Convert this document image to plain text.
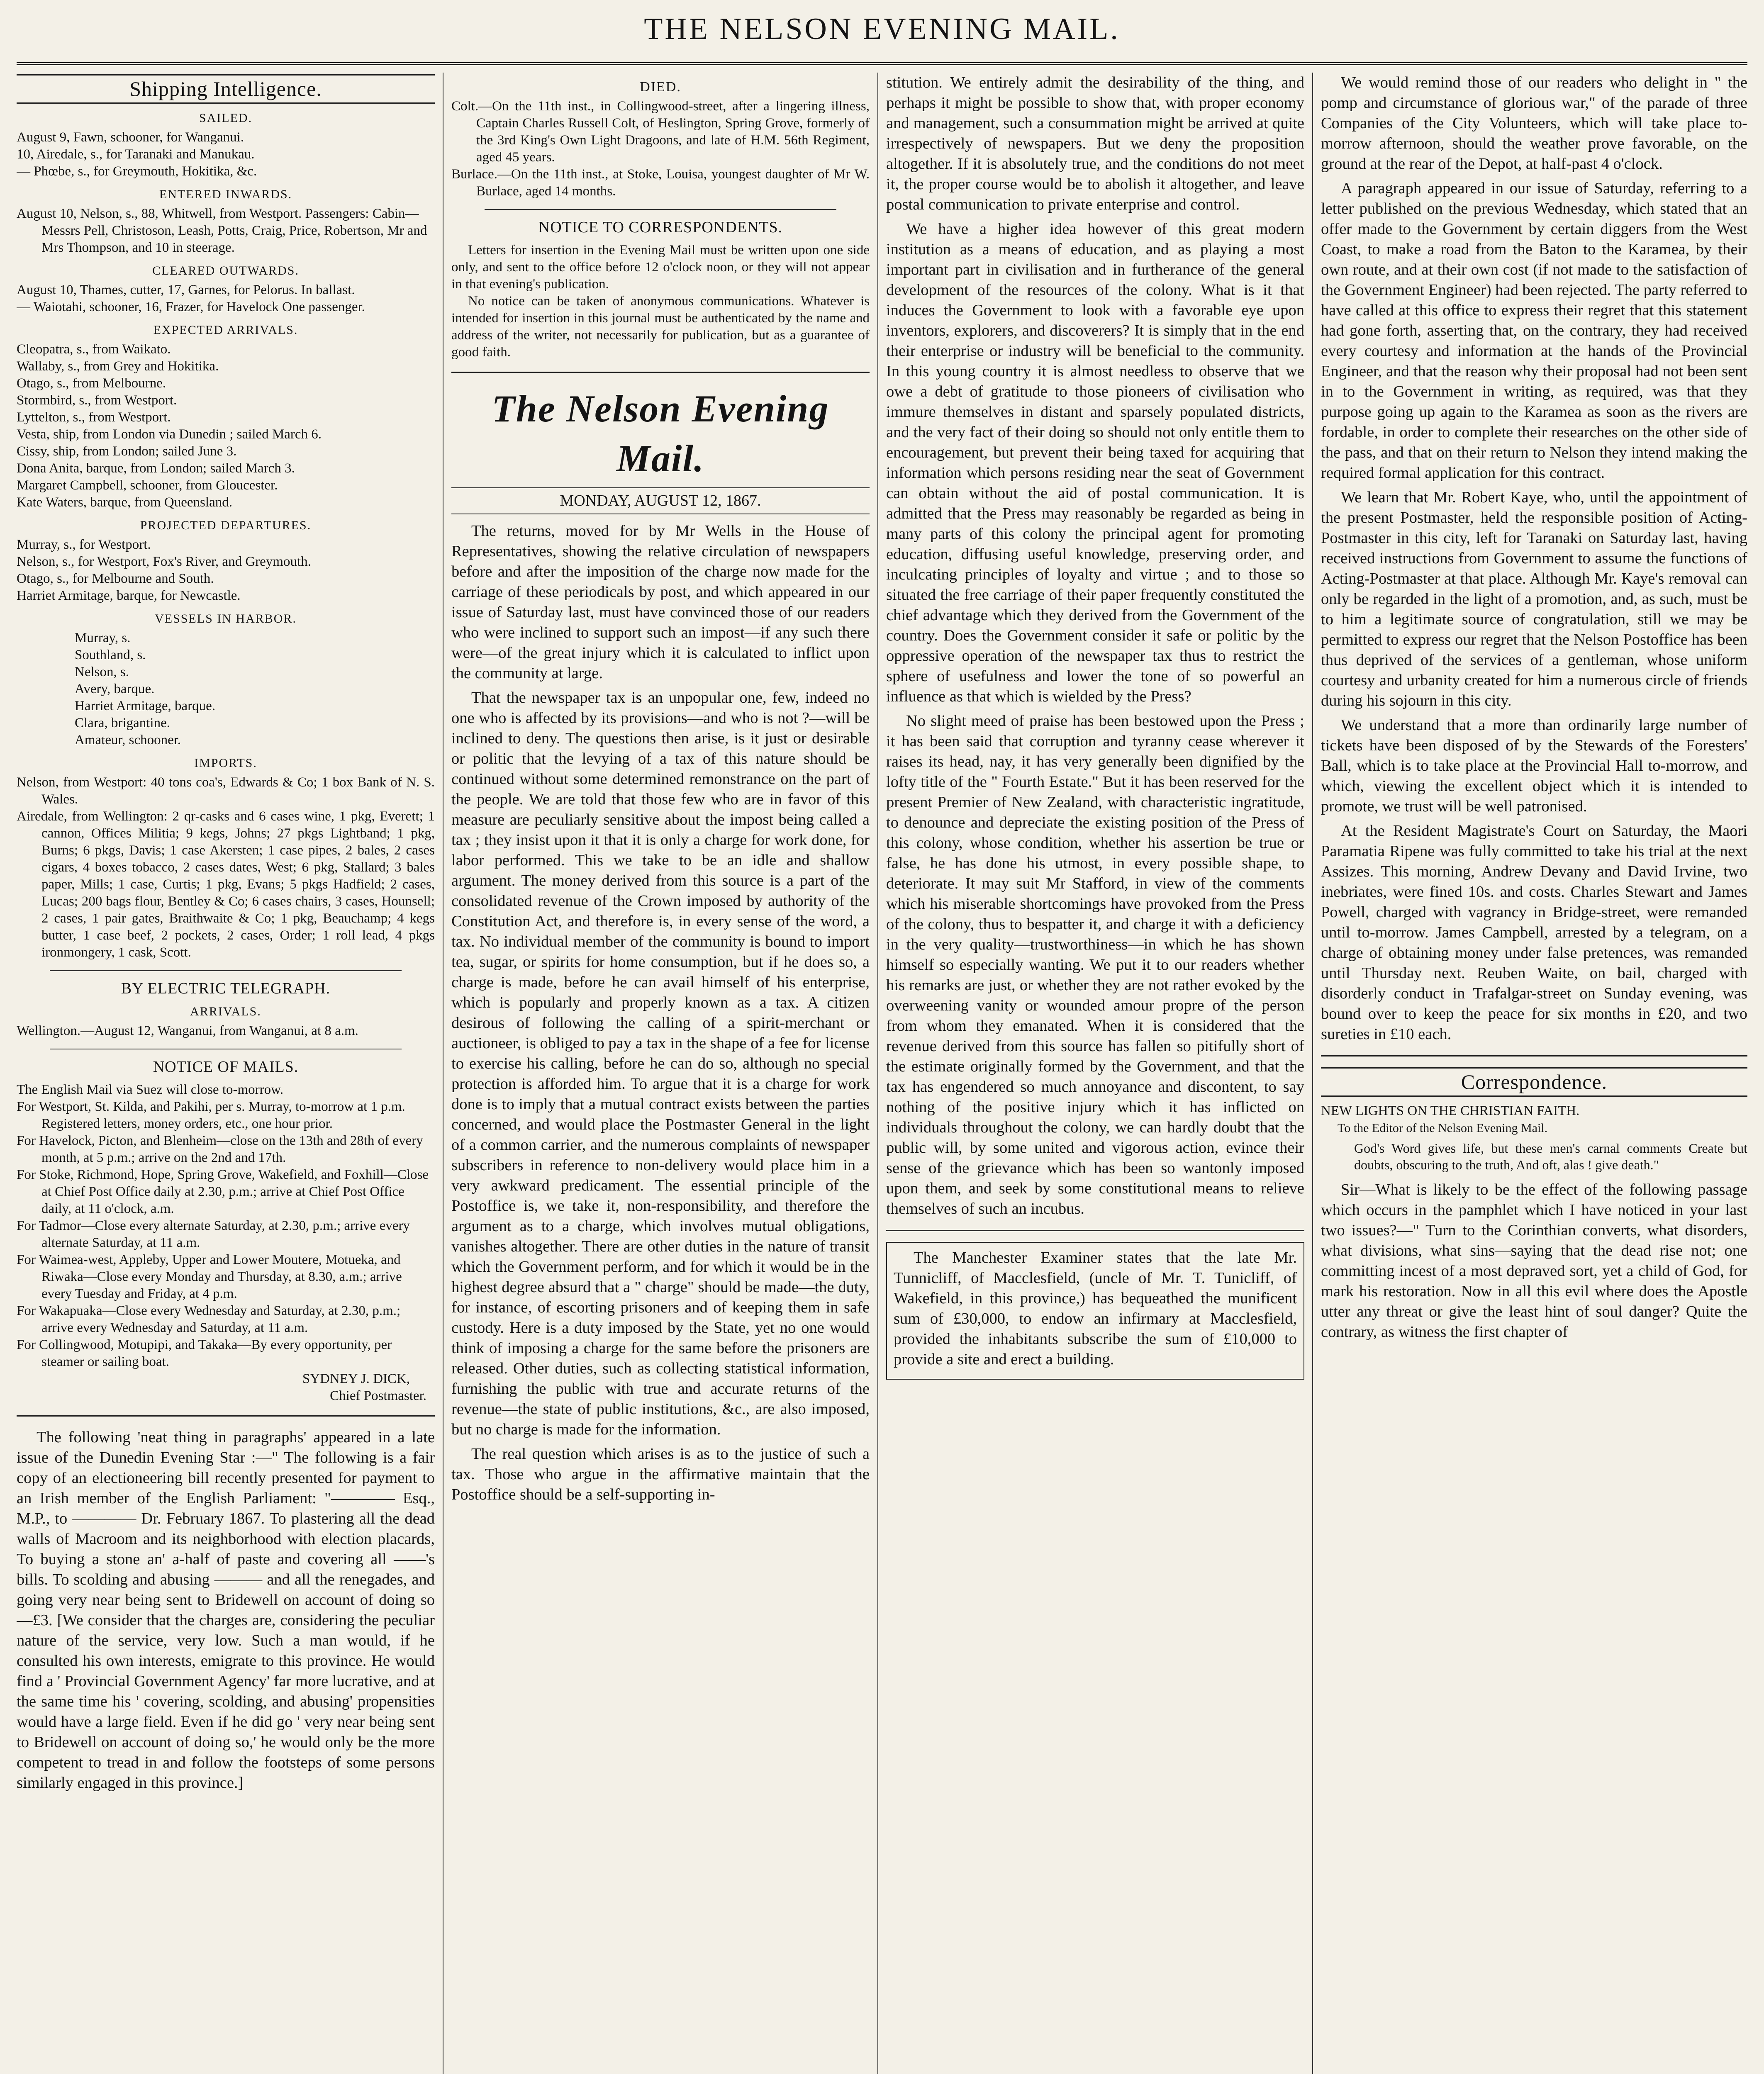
THE NELSON EVENING MAIL.
Shipping Intelligence.
SAILED.
August 9, Fawn, schooner, for Wanganui.
10, Airedale, s., for Taranaki and Manukau.
— Phœbe, s., for Greymouth, Hokitika, &c.
ENTERED INWARDS.
August 10, Nelson, s., 88, Whitwell, from Westport. Passengers: Cabin—Messrs Pell, Christoson, Leash, Potts, Craig, Price, Robertson, Mr and Mrs Thompson, and 10 in steerage.
CLEARED OUTWARDS.
August 10, Thames, cutter, 17, Garnes, for Pelorus. In ballast.
— Waiotahi, schooner, 16, Frazer, for Havelock One passenger.
EXPECTED ARRIVALS.
Cleopatra, s., from Waikato.
Wallaby, s., from Grey and Hokitika.
Otago, s., from Melbourne.
Stormbird, s., from Westport.
Lyttelton, s., from Westport.
Vesta, ship, from London via Dunedin ; sailed March 6.
Cissy, ship, from London; sailed June 3.
Dona Anita, barque, from London; sailed March 3.
Margaret Campbell, schooner, from Gloucester.
Kate Waters, barque, from Queensland.
PROJECTED DEPARTURES.
Murray, s., for Westport.
Nelson, s., for Westport, Fox's River, and Greymouth.
Otago, s., for Melbourne and South.
Harriet Armitage, barque, for Newcastle.
VESSELS IN HARBOR.
Murray, s.
Southland, s.
Nelson, s.
Avery, barque.
Harriet Armitage, barque.
Clara, brigantine.
Amateur, schooner.
IMPORTS.
Nelson, from Westport: 40 tons coa's, Edwards & Co; 1 box Bank of N. S. Wales.
Airedale, from Wellington: 2 qr-casks and 6 cases wine, 1 pkg, Everett; 1 cannon, Offices Militia; 9 kegs, Johns; 27 pkgs Lightband; 1 pkg, Burns; 6 pkgs, Davis; 1 case Akersten; 1 case pipes, 2 bales, 2 cases cigars, 4 boxes tobacco, 2 cases dates, West; 6 pkg, Stallard; 3 bales paper, Mills; 1 case, Curtis; 1 pkg, Evans; 5 pkgs Hadfield; 2 cases, Lucas; 200 bags flour, Bentley & Co; 6 cases chairs, 3 cases, Hounsell; 2 cases, 1 pair gates, Braithwaite & Co; 1 pkg, Beauchamp; 4 kegs butter, 1 case beef, 2 pockets, 2 cases, Order; 1 roll lead, 4 pkgs ironmongery, 1 cask, Scott.
BY ELECTRIC TELEGRAPH.
ARRIVALS.
Wellington.—August 12, Wanganui, from Wanganui, at 8 a.m.
NOTICE OF MAILS.
The English Mail via Suez will close to-morrow.
For Westport, St. Kilda, and Pakihi, per s. Murray, to-morrow at 1 p.m. Registered letters, money orders, etc., one hour prior.
For Havelock, Picton, and Blenheim—close on the 13th and 28th of every month, at 5 p.m.; arrive on the 2nd and 17th.
For Stoke, Richmond, Hope, Spring Grove, Wakefield, and Foxhill—Close at Chief Post Office daily at 2.30, p.m.; arrive at Chief Post Office daily, at 11 o'clock, a.m.
For Tadmor—Close every alternate Saturday, at 2.30, p.m.; arrive every alternate Saturday, at 11 a.m.
For Waimea-west, Appleby, Upper and Lower Moutere, Motueka, and Riwaka—Close every Monday and Thursday, at 8.30, a.m.; arrive every Tuesday and Friday, at 4 p.m.
For Wakapuaka—Close every Wednesday and Saturday, at 2.30, p.m.; arrive every Wednesday and Saturday, at 11 a.m.
For Collingwood, Motupipi, and Takaka—By every opportunity, per steamer or sailing boat.
SYDNEY J. DICK,
Chief Postmaster.

The following 'neat thing in paragraphs' appeared in a late issue of the Dunedin Evening Star :—" The following is a fair copy of an electioneering bill recently presented for payment to an Irish member of the English Parliament: "———— Esq., M.P., to ———— Dr. February 1867. To plastering all the dead walls of Macroom and its neighborhood with election placards, To buying a stone an' a-half of paste and covering all ——'s bills. To scolding and abusing ——— and all the renegades, and going very near being sent to Bridewell on account of doing so—£3. [We consider that the charges are, considering the peculiar nature of the service, very low. Such a man would, if he consulted his own interests, emigrate to this province. He would find a ' Provincial Government Agency' far more lucrative, and at the same time his ' covering, scolding, and abusing' propensities would have a large field. Even if he did go ' very near being sent to Bridewell on account of doing so,' he would only be the more competent to tread in and follow the footsteps of some persons similarly engaged in this province.]

DIED.
Colt.—On the 11th inst., in Collingwood-street, after a lingering illness, Captain Charles Russell Colt, of Heslington, Spring Grove, formerly of the 3rd King's Own Light Dragoons, and late of H.M. 56th Regiment, aged 45 years.
Burlace.—On the 11th inst., at Stoke, Louisa, youngest daughter of Mr W. Burlace, aged 14 months.
NOTICE TO CORRESPONDENTS.
Letters for insertion in the Evening Mail must be written upon one side only, and sent to the office before 12 o'clock noon, or they will not appear in that evening's publication.
No notice can be taken of anonymous communications. Whatever is intended for insertion in this journal must be authenticated by the name and address of the writer, not necessarily for publication, but as a guarantee of good faith.
The Nelson Evening Mail.
MONDAY, AUGUST 12, 1867.

The returns, moved for by Mr Wells in the House of Representatives, showing the relative circulation of newspapers before and after the imposition of the charge now made for the carriage of these periodicals by post, and which appeared in our issue of Saturday last, must have convinced those of our readers who were inclined to support such an impost—if any such there were—of the great injury which it is calculated to inflict upon the community at large.

That the newspaper tax is an unpopular one, few, indeed no one who is affected by its provisions—and who is not ?—will be inclined to deny. The questions then arise, is it just or desirable or politic that the levying of a tax of this nature should be continued without some determined remonstrance on the part of the people. We are told that those few who are in favor of this measure are peculiarly sensitive about the impost being called a tax ; they insist upon it that it is only a charge for work done, for labor performed. This we take to be an idle and shallow argument. The money derived from this source is a part of the consolidated revenue of the Crown imposed by authority of the Constitution Act, and therefore is, in every sense of the word, a tax. No individual member of the community is bound to import tea, sugar, or spirits for home consumption, but if he does so, a charge is made, before he can avail himself of his enterprise, which is popularly and properly known as a tax. A citizen desirous of following the calling of a spirit-merchant or auctioneer, is obliged to pay a tax in the shape of a fee for license to exercise his calling, before he can do so, although no special protection is afforded him. To argue that it is a charge for work done is to imply that a mutual contract exists between the parties concerned, and would place the Postmaster General in the light of a common carrier, and the numerous complaints of newspaper subscribers in reference to non-delivery would place him in a very awkward predicament. The essential principle of the Postoffice is, we take it, non-responsibility, and therefore the argument as to a charge, which involves mutual obligations, vanishes altogether. There are other duties in the nature of transit which the Government perform, and for which it would be in the highest degree absurd that a " charge" should be made—the duty, for instance, of escorting prisoners and of keeping them in safe custody. Here is a duty imposed by the State, yet no one would think of imposing a charge for the same before the prisoners are released. Other duties, such as collecting statistical information, furnishing the public with true and accurate returns of the revenue—the state of public institutions, &c., are also imposed, but no charge is made for the information.

The real question which arises is as to the justice of such a tax. Those who argue in the affirmative maintain that the Postoffice should be a self-supporting in-

stitution. We entirely admit the desirability of the thing, and perhaps it might be possible to show that, with proper economy and management, such a consummation might be arrived at quite irrespectively of newspapers. But we deny the proposition altogether. If it is absolutely true, and the conditions do not meet it, the proper course would be to abolish it altogether, and leave postal communication to private enterprise and control.

We have a higher idea however of this great modern institution as a means of education, and as playing a most important part in civilisation and in furtherance of the general development of the resources of the colony. What is it that induces the Government to look with a favorable eye upon inventors, explorers, and discoverers? It is simply that in the end their enterprise or industry will be beneficial to the community. In this young country it is almost needless to observe that we owe a debt of gratitude to those pioneers of civilisation who immure themselves in distant and sparsely populated districts, and the very fact of their doing so should not only entitle them to encouragement, but prevent their being taxed for acquiring that information which persons residing near the seat of Government can obtain without the aid of postal communication. It is admitted that the Press may reasonably be regarded as being in many parts of this colony the principal agent for promoting education, diffusing useful knowledge, preserving order, and inculcating principles of loyalty and virtue ; and to those so situated the free carriage of their paper frequently constituted the chief advantage which they derived from the Government of the country. Does the Government consider it safe or politic by the oppressive operation of the newspaper tax thus to restrict the sphere of usefulness and lower the tone of so powerful an influence as that which is wielded by the Press?

No slight meed of praise has been bestowed upon the Press ; it has been said that corruption and tyranny cease wherever it raises its head, nay, it has very generally been dignified by the lofty title of the " Fourth Estate." But it has been reserved for the present Premier of New Zealand, with characteristic ingratitude, to denounce and depreciate the existing position of the Press of this colony, whose condition, whether his assertion be true or false, he has done his utmost, in every possible shape, to deteriorate. It may suit Mr Stafford, in view of the comments which his miserable shortcomings have provoked from the Press of the colony, thus to bespatter it, and charge it with a deficiency in the very quality—trustworthiness—in which he has shown himself so especially wanting. We put it to our readers whether his remarks are just, or whether they are not rather evoked by the overweening vanity or wounded amour propre of the person from whom they emanated. When it is considered that the revenue derived from this source has fallen so pitifully short of the estimate originally formed by the Government, and that the tax has engendered so much annoyance and discontent, to say nothing of the positive injury which it has inflicted on individuals throughout the colony, we can hardly doubt that the public will, by some united and vigorous action, evince their sense of the grievance which has been so wantonly imposed upon them, and seek by some constitutional means to relieve themselves of such an incubus.

The Manchester Examiner states that the late Mr. Tunnicliff, of Macclesfield, (uncle of Mr. T. Tunicliff, of Wakefield, in this province,) has bequeathed the munificent sum of £30,000, to endow an infirmary at Macclesfield, provided the inhabitants subscribe the sum of £10,000 to provide a site and erect a building.

We would remind those of our readers who delight in " the pomp and circumstance of glorious war," of the parade of three Companies of the City Volunteers, which will take place to-morrow afternoon, should the weather prove favorable, on the ground at the rear of the Depot, at half-past 4 o'clock.

A paragraph appeared in our issue of Saturday, referring to a letter published on the previous Wednesday, which stated that an offer made to the Government by certain diggers from the West Coast, to make a road from the Baton to the Karamea, by their own route, and at their own cost (if not made to the satisfaction of the Government Engineer) had been rejected. The party referred to have called at this office to express their regret that this statement had gone forth, asserting that, on the contrary, they had received every courtesy and information at the hands of the Provincial Engineer, and that the reason why their proposal had not been sent in to the Government in writing, as required, was that they purpose going up again to the Karamea as soon as the rivers are fordable, in order to complete their researches on the other side of the pass, and that on their return to Nelson they intend making the required formal application for this contract.

We learn that Mr. Robert Kaye, who, until the appointment of the present Postmaster, held the responsible position of Acting-Postmaster in this city, left for Taranaki on Saturday last, having received instructions from Government to assume the functions of Acting-Postmaster at that place. Although Mr. Kaye's removal can only be regarded in the light of a promotion, and, as such, must be to him a legitimate source of congratulation, still we may be permitted to express our regret that the Nelson Postoffice has been thus deprived of the services of a gentleman, whose uniform courtesy and urbanity created for him a numerous circle of friends during his sojourn in this city.

We understand that a more than ordinarily large number of tickets have been disposed of by the Stewards of the Foresters' Ball, which is to take place at the Provincial Hall to-morrow, and which, viewing the excellent object which it is intended to promote, we trust will be well patronised.

At the Resident Magistrate's Court on Saturday, the Maori Paramatia Ripene was fully committed to take his trial at the next Assizes. This morning, Andrew Devany and David Irvine, two inebriates, were fined 10s. and costs. Charles Stewart and James Powell, charged with vagrancy in Bridge-street, were remanded until to-morrow. James Campbell, arrested by a telegram, on a charge of obtaining money under false pretences, was remanded until Thursday next. Reuben Waite, on bail, charged with disorderly conduct in Trafalgar-street on Sunday evening, was bound over to keep the peace for six months in £20, and two sureties in £10 each.

Correspondence.
NEW LIGHTS ON THE CHRISTIAN FAITH.
To the Editor of the Nelson Evening Mail.
God's Word gives life, but these men's carnal comments Create but doubts, obscuring to the truth, And oft, alas ! give death."

Sir—What is likely to be the effect of the following passage which occurs in the pamphlet which I have noticed in your last two issues?—" Turn to the Corinthian converts, what disorders, what divisions, what sins—saying that the dead rise not; one committing incest of a most depraved sort, yet a child of God, for mark his restoration. Now in all this evil where does the Apostle utter any threat or give the least hint of soul danger? Quite the contrary, as witness the first chapter of
